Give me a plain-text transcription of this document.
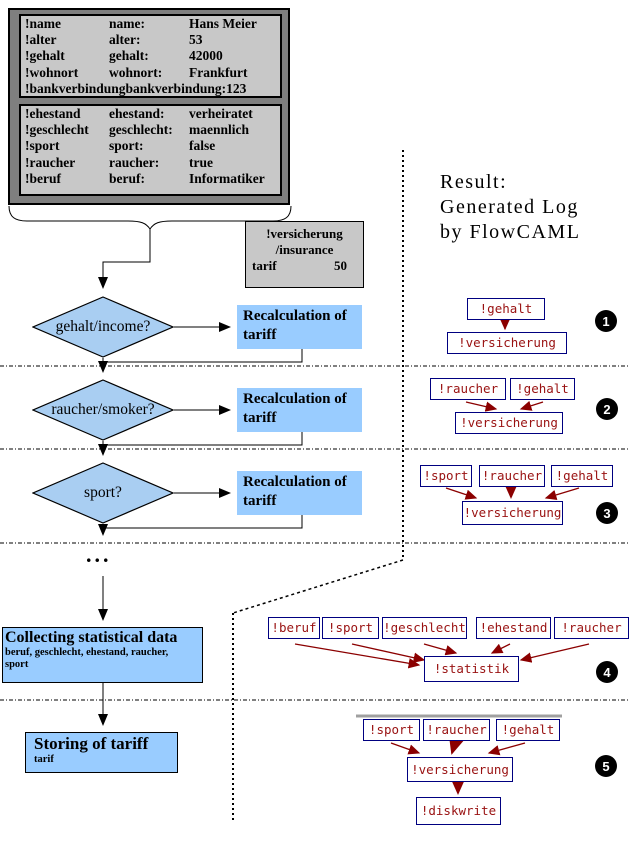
!name	name:	Hans Meier
!alter	alter:	53
!gehalt	gehalt:	42000
!wohnort	wohnort:	Frankfurt
!bankverbindung bankverbindung: 123
!ehestand	ehestand:	verheiratet
!geschlecht	geschlecht:	maennlich
!sport	sport:	false
!raucher	raucher:	true
!beruf	beruf:	Informatiker
!versicherung
/insurance
tarif	50
gehalt/income?
raucher/smoker?
sport?
Recalculation of tariff
Recalculation of tariff
Recalculation of tariff
...
Collecting statistical data
beruf, geschlecht, ehestand, raucher, sport
Storing of tariff
tarif
Result:
Generated Log
by FlowCAML
!gehalt
!versicherung
1
!raucher	!gehalt
!versicherung
2
!sport !raucher	!gehalt
!versicherung	3
!beruf !sport !geschlecht !ehestand	!raucher
!statistik	4
!sport !raucher	!gehalt
!versicherung
!diskwrite
5
